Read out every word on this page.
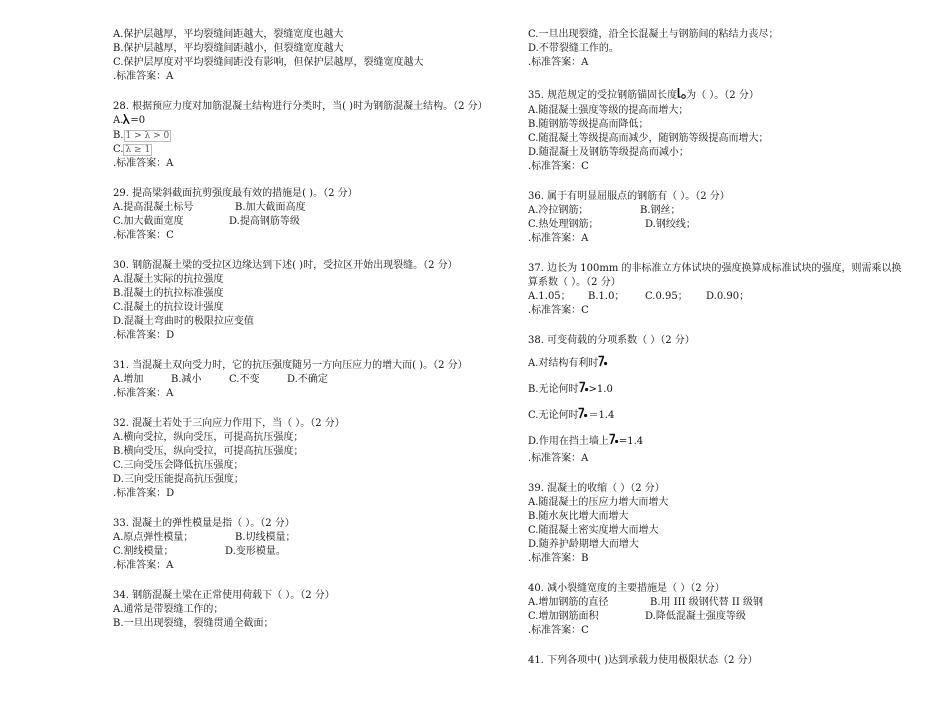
A.保护层越厚，平均裂缝间距越大，裂缝宽度也越大
B.保护层越厚，平均裂缝间距越小，但裂缝宽度越大
C.保护层厚度对平均裂缝间距没有影响，但保护层越厚，裂缝宽度越大
.标准答案：A
28. 根据预应力度对加筋混凝土结构进行分类时，当( )时为钢筋混凝土结构。（2 分）
A. =0
B. 1 > λ > 0
C. λ ≥ 1
.标准答案：A
29. 提高梁斜截面抗剪强度最有效的措施是( )。（2 分）
A.提高混凝土标号	B.加大截面高度
C.加大截面宽度	D.提高钢筋等级
.标准答案：C
30. 钢筋混凝土梁的受拉区边缘达到下述( )时，受拉区开始出现裂缝。（2 分）
A.混凝土实际的抗拉强度
B.混凝土的抗拉标准强度
C.混凝土的抗拉设计强度
D.混凝土弯曲时的极限拉应变值
.标准答案：D
31. 当混凝土双向受力时，它的抗压强度随另一方向压应力的增大而( )。（2 分）
A.增加	B.减小	C.不变	D.不确定
.标准答案：A
32. 混凝土若处于三向应力作用下，当（ ）。（2 分）
A.横向受拉，纵向受压，可提高抗压强度；
B.横向受压，纵向受拉，可提高抗压强度；
C.三向受压会降低抗压强度；
D.三向受压能提高抗压强度；
.标准答案：D
33. 混凝土的弹性模量是指（ ）。（2 分）
A.原点弹性模量；	B.切线模量；
C.割线模量；	D.变形模量。
.标准答案：A
34. 钢筋混凝土梁在正常使用荷载下（ ）。（2 分）
A.通常是带裂缝工作的；
B.一旦出现裂缝，裂缝贯通全截面；
C.一旦出现裂缝，沿全长混凝土与钢筋间的粘结力丧尽；
D.不带裂缝工作的。
.标准答案：A
35. 规范规定的受拉钢筋锚固长度 为（ ）。（2 分）
A.随混凝土强度等级的提高而增大；
B.随钢筋等级提高而降低；
C.随混凝土等级提高而减少，随钢筋等级提高而增大；
D.随混凝土及钢筋等级提高而减小；
.标准答案：C
36. 属于有明显屈服点的钢筋有（ ）。（2 分）
A.冷拉钢筋；	B.钢丝；
C.热处理钢筋；	D.钢绞线；
.标准答案：A
37. 边长为 100mm 的非标准立方体试块的强度换算成标准试块的强度，则需乘以换
算系数（ ）。（2 分）
A.1.05； B.1.0； C.0.95； D.0.90；
.标准答案：C
38. 可变荷载的分项系数（ ）（2 分）
A.对结构有利时
B.无论何时 >1.0
C.无论何时 ＝1.4
D.作用在挡土墙上 =1.4
.标准答案：A
39. 混凝土的收缩（ ）（2 分）
A.随混凝土的压应力增大而增大
B.随水灰比增大而增大
C.随混凝土密实度增大而增大
D.随养护龄期增大而增大
.标准答案：B
40. 减小裂缝宽度的主要措施是（ ）（2 分）
A.增加钢筋的直径	B.用 III 级钢代替 II 级钢
C.增加钢筋面积	D.降低混凝土强度等级
.标准答案：C
41. 下列各项中( )达到承载力使用极限状态（2 分）
